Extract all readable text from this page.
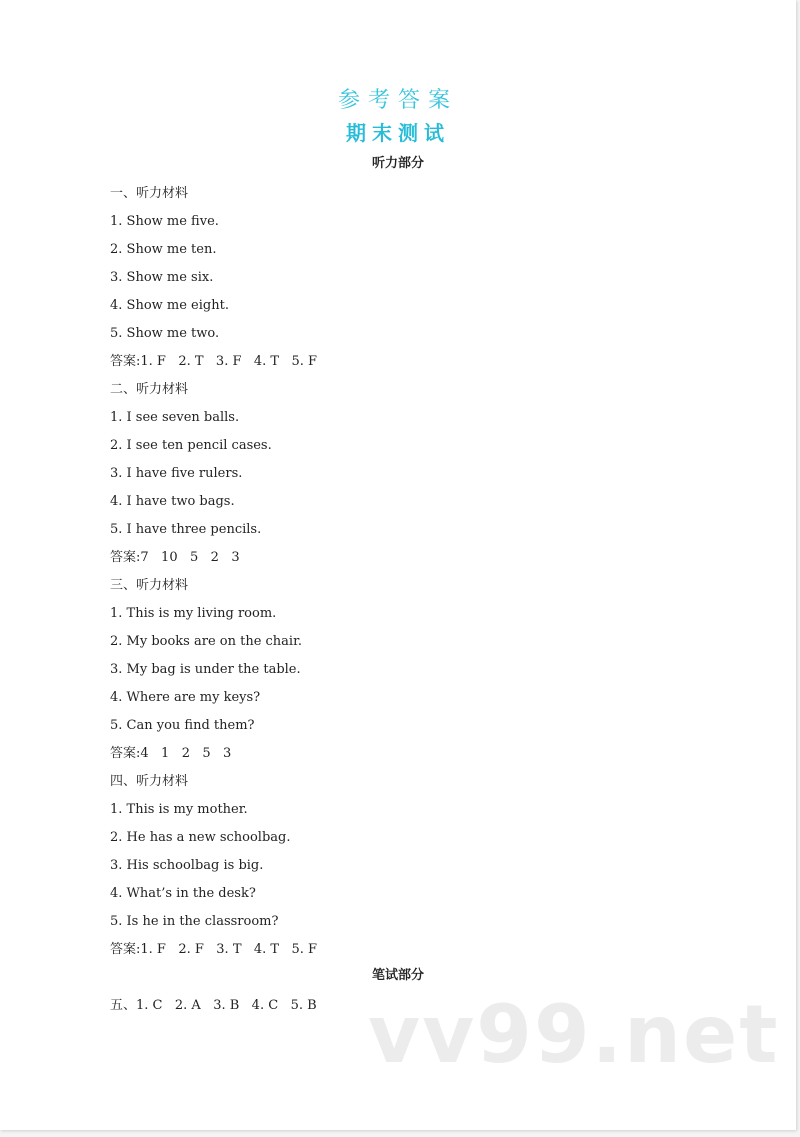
参考答案
期末测试
听力部分
一、听力材料
1. Show me five.
2. Show me ten.
3. Show me six.
4. Show me eight.
5. Show me two.
答案:1. F   2. T   3. F   4. T   5. F
二、听力材料
1. I see seven balls.
2. I see ten pencil cases.
3. I have five rulers.
4. I have two bags.
5. I have three pencils.
答案:7   10   5   2   3
三、听力材料
1. This is my living room.
2. My books are on the chair.
3. My bag is under the table.
4. Where are my keys?
5. Can you find them?
答案:4   1   2   5   3
四、听力材料
1. This is my mother.
2. He has a new schoolbag.
3. His schoolbag is big.
4. What’s in the desk?
5. Is he in the classroom?
答案:1. F   2. F   3. T   4. T   5. F
笔试部分
五、1. C   2. A   3. B   4. C   5. B vv99.net
